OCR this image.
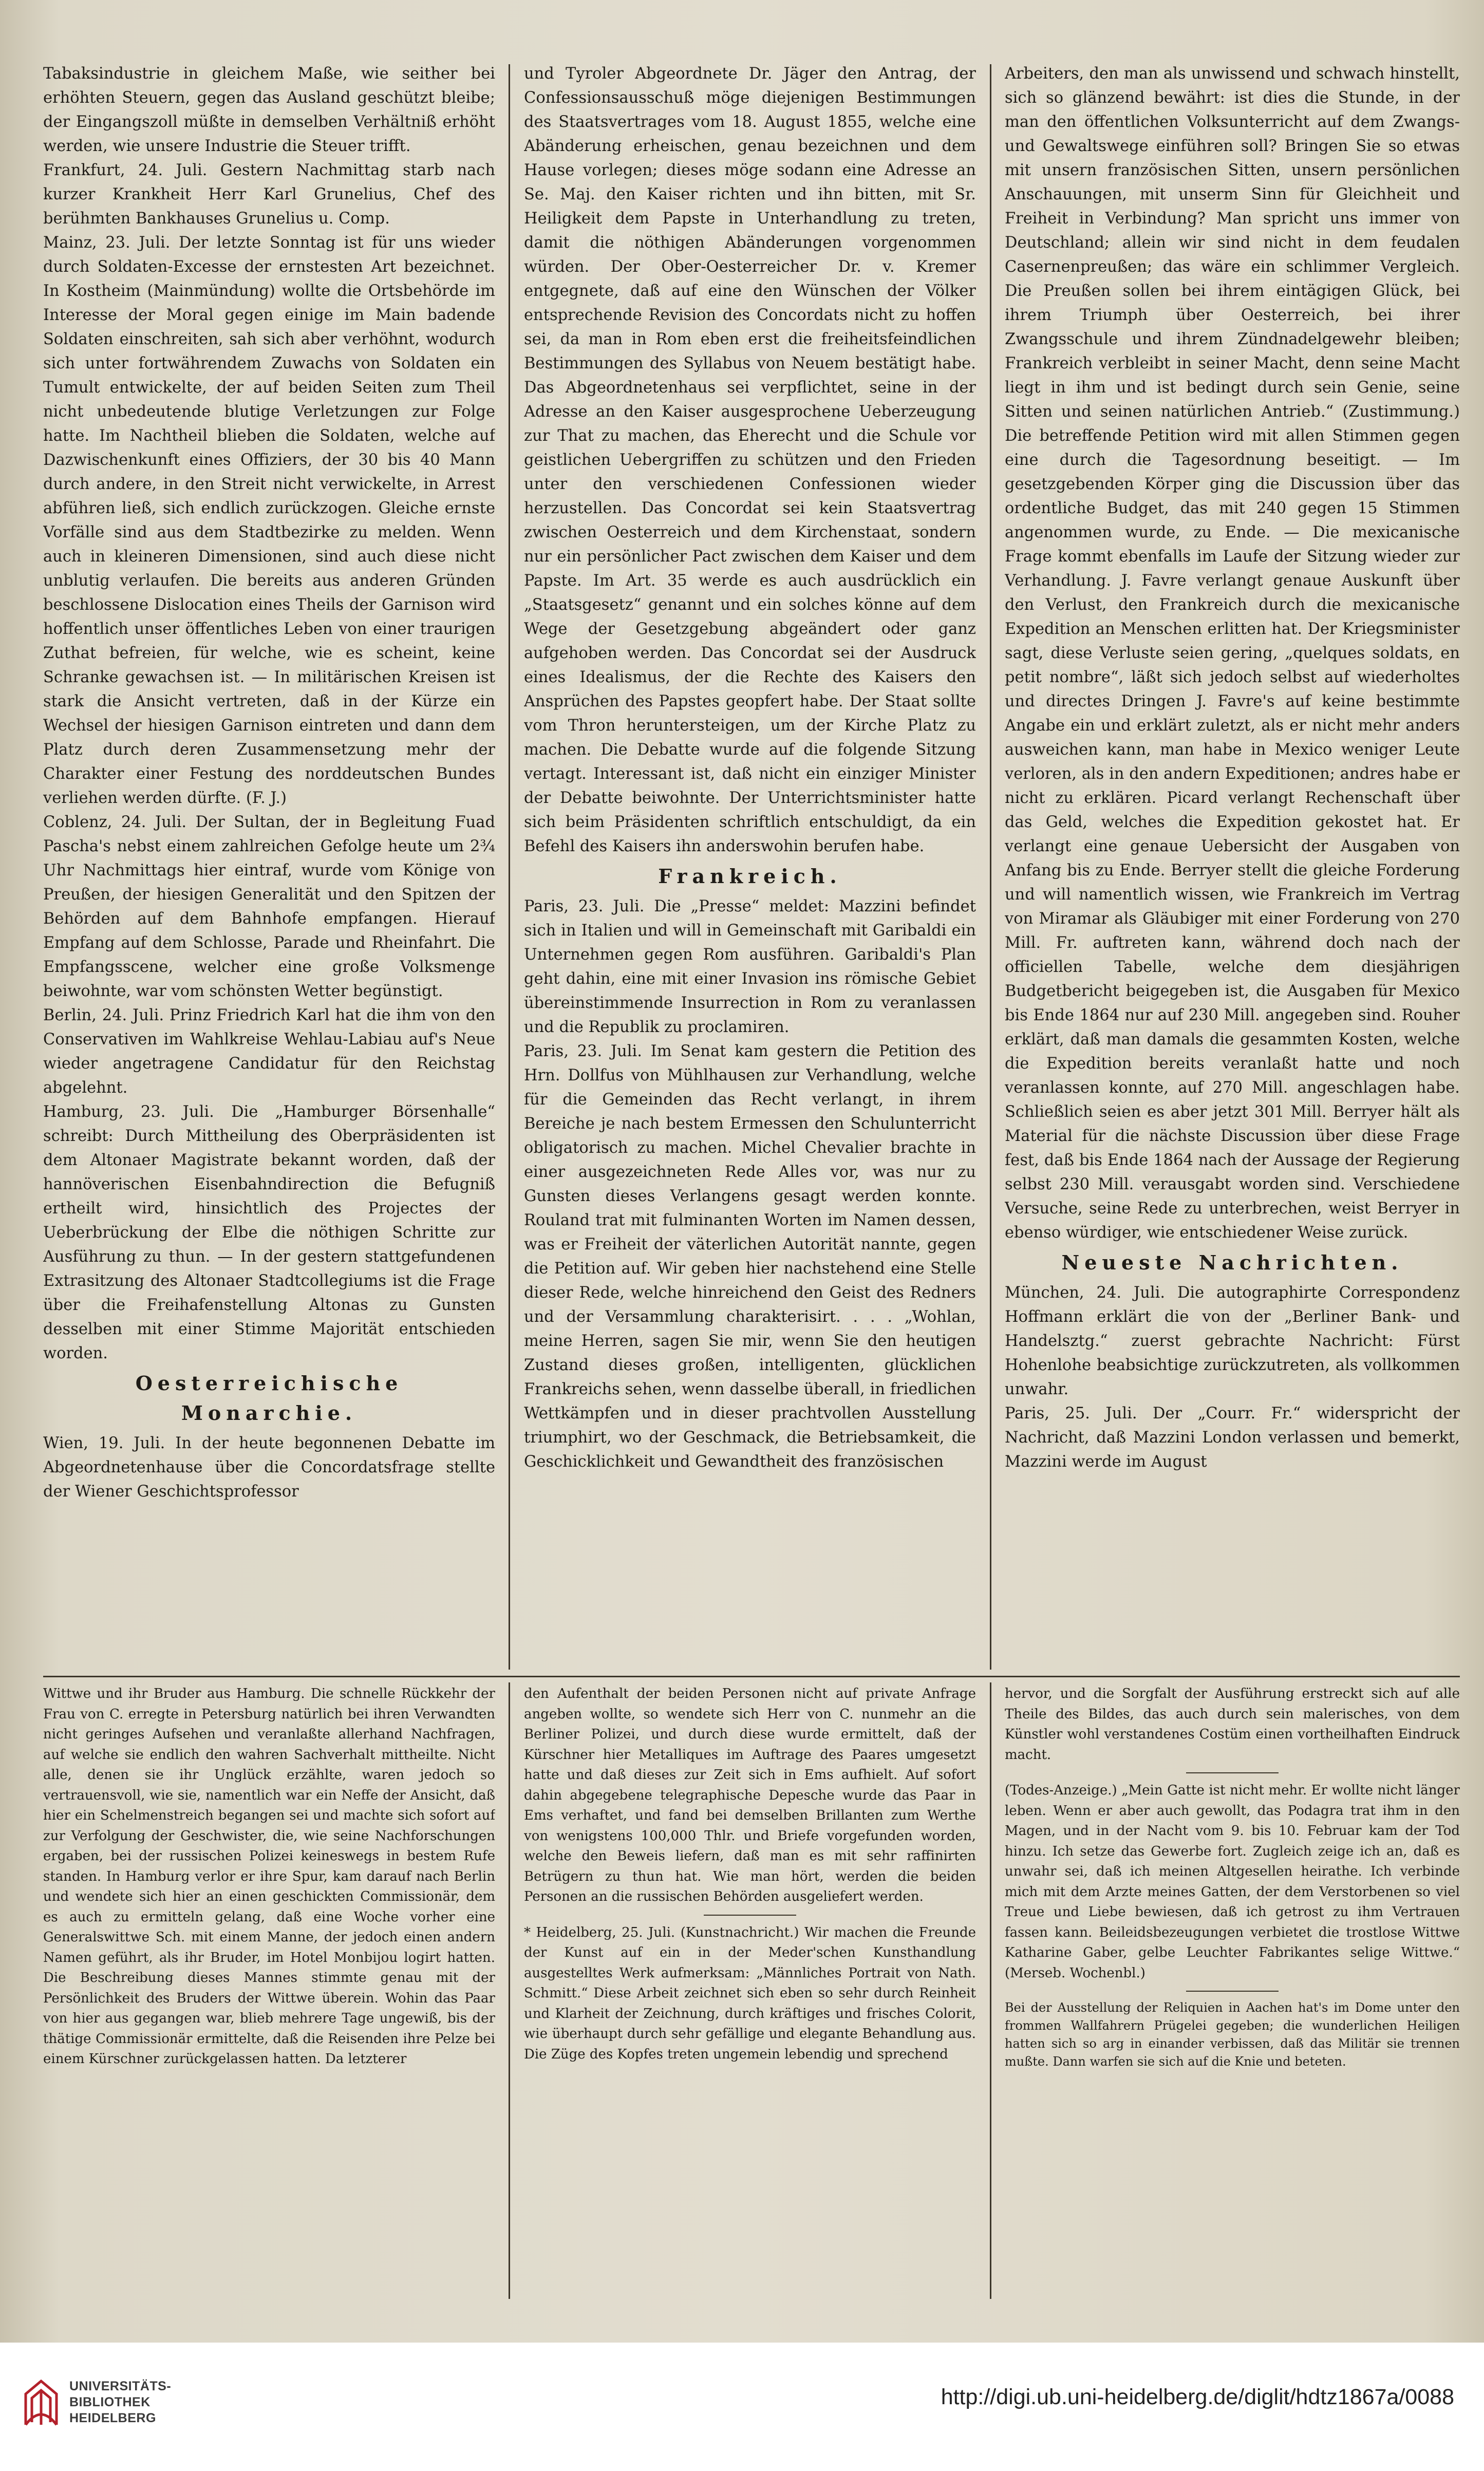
Tabaksindustrie in gleichem Maße, wie seither bei erhöhten Steuern, gegen das Ausland geschützt bleibe; der Eingangszoll müßte in demselben Verhältniß erhöht werden, wie unsere Industrie die Steuer trifft.

Frankfurt, 24. Juli. Gestern Nachmittag starb nach kurzer Krankheit Herr Karl Grunelius, Chef des berühmten Bankhauses Grunelius u. Comp.

Mainz, 23. Juli. Der letzte Sonntag ist für uns wieder durch Soldaten-Excesse der ernstesten Art bezeichnet. In Kostheim (Mainmündung) wollte die Ortsbehörde im Interesse der Moral gegen einige im Main badende Soldaten einschreiten, sah sich aber verhöhnt, wodurch sich unter fortwährendem Zuwachs von Soldaten ein Tumult entwickelte, der auf beiden Seiten zum Theil nicht unbedeutende blutige Verletzungen zur Folge hatte. Im Nachtheil blieben die Soldaten, welche auf Dazwischenkunft eines Offiziers, der 30 bis 40 Mann durch andere, in den Streit nicht verwickelte, in Arrest abführen ließ, sich endlich zurückzogen. Gleiche ernste Vorfälle sind aus dem Stadtbezirke zu melden. Wenn auch in kleineren Dimensionen, sind auch diese nicht unblutig verlaufen. Die bereits aus anderen Gründen beschlossene Dislocation eines Theils der Garnison wird hoffentlich unser öffentliches Leben von einer traurigen Zuthat befreien, für welche, wie es scheint, keine Schranke gewachsen ist. — In militärischen Kreisen ist stark die Ansicht vertreten, daß in der Kürze ein Wechsel der hiesigen Garnison eintreten und dann dem Platz durch deren Zusammensetzung mehr der Charakter einer Festung des norddeutschen Bundes verliehen werden dürfte. (F. J.)

Coblenz, 24. Juli. Der Sultan, der in Begleitung Fuad Pascha's nebst einem zahlreichen Gefolge heute um 2¾ Uhr Nachmittags hier eintraf, wurde vom Könige von Preußen, der hiesigen Generalität und den Spitzen der Behörden auf dem Bahnhofe empfangen. Hierauf Empfang auf dem Schlosse, Parade und Rheinfahrt. Die Empfangsscene, welcher eine große Volksmenge beiwohnte, war vom schönsten Wetter begünstigt.

Berlin, 24. Juli. Prinz Friedrich Karl hat die ihm von den Conservativen im Wahlkreise Wehlau-Labiau auf's Neue wieder angetragene Candidatur für den Reichstag abgelehnt.

Hamburg, 23. Juli. Die „Hamburger Börsenhalle“ schreibt: Durch Mittheilung des Oberpräsidenten ist dem Altonaer Magistrate bekannt worden, daß der hannöverischen Eisenbahndirection die Befugniß ertheilt wird, hinsichtlich des Projectes der Ueberbrückung der Elbe die nöthigen Schritte zur Ausführung zu thun. — In der gestern stattgefundenen Extrasitzung des Altonaer Stadtcollegiums ist die Frage über die Freihafenstellung Altonas zu Gunsten desselben mit einer Stimme Majorität entschieden worden.

Oesterreichische Monarchie.

Wien, 19. Juli. In der heute begonnenen Debatte im Abgeordnetenhause über die Concordatsfrage stellte der Wiener Geschichtsprofessor

und Tyroler Abgeordnete Dr. Jäger den Antrag, der Confessionsausschuß möge diejenigen Bestimmungen des Staatsvertrages vom 18. August 1855, welche eine Abänderung erheischen, genau bezeichnen und dem Hause vorlegen; dieses möge sodann eine Adresse an Se. Maj. den Kaiser richten und ihn bitten, mit Sr. Heiligkeit dem Papste in Unterhandlung zu treten, damit die nöthigen Abänderungen vorgenommen würden. Der Ober-Oesterreicher Dr. v. Kremer entgegnete, daß auf eine den Wünschen der Völker entsprechende Revision des Concordats nicht zu hoffen sei, da man in Rom eben erst die freiheitsfeindlichen Bestimmungen des Syllabus von Neuem bestätigt habe. Das Abgeordnetenhaus sei verpflichtet, seine in der Adresse an den Kaiser ausgesprochene Ueberzeugung zur That zu machen, das Eherecht und die Schule vor geistlichen Uebergriffen zu schützen und den Frieden unter den verschiedenen Confessionen wieder herzustellen. Das Concordat sei kein Staatsvertrag zwischen Oesterreich und dem Kirchenstaat, sondern nur ein persönlicher Pact zwischen dem Kaiser und dem Papste. Im Art. 35 werde es auch ausdrücklich ein „Staatsgesetz“ genannt und ein solches könne auf dem Wege der Gesetzgebung abgeändert oder ganz aufgehoben werden. Das Concordat sei der Ausdruck eines Idealismus, der die Rechte des Kaisers den Ansprüchen des Papstes geopfert habe. Der Staat sollte vom Thron heruntersteigen, um der Kirche Platz zu machen. Die Debatte wurde auf die folgende Sitzung vertagt. Interessant ist, daß nicht ein einziger Minister der Debatte beiwohnte. Der Unterrichtsminister hatte sich beim Präsidenten schriftlich entschuldigt, da ein Befehl des Kaisers ihn anderswohin berufen habe.

Frankreich.

Paris, 23. Juli. Die „Presse“ meldet: Mazzini befindet sich in Italien und will in Gemeinschaft mit Garibaldi ein Unternehmen gegen Rom ausführen. Garibaldi's Plan geht dahin, eine mit einer Invasion ins römische Gebiet übereinstimmende Insurrection in Rom zu veranlassen und die Republik zu proclamiren.

Paris, 23. Juli. Im Senat kam gestern die Petition des Hrn. Dollfus von Mühlhausen zur Verhandlung, welche für die Gemeinden das Recht verlangt, in ihrem Bereiche je nach bestem Ermessen den Schulunterricht obligatorisch zu machen. Michel Chevalier brachte in einer ausgezeichneten Rede Alles vor, was nur zu Gunsten dieses Verlangens gesagt werden konnte. Rouland trat mit fulminanten Worten im Namen dessen, was er Freiheit der väterlichen Autorität nannte, gegen die Petition auf. Wir geben hier nachstehend eine Stelle dieser Rede, welche hinreichend den Geist des Redners und der Versammlung charakterisirt. . . . „Wohlan, meine Herren, sagen Sie mir, wenn Sie den heutigen Zustand dieses großen, intelligenten, glücklichen Frankreichs sehen, wenn dasselbe überall, in friedlichen Wettkämpfen und in dieser prachtvollen Ausstellung triumphirt, wo der Geschmack, die Betriebsamkeit, die Geschicklichkeit und Gewandtheit des französischen

Arbeiters, den man als unwissend und schwach hinstellt, sich so glänzend bewährt: ist dies die Stunde, in der man den öffentlichen Volksunterricht auf dem Zwangs- und Gewaltswege einführen soll? Bringen Sie so etwas mit unsern französischen Sitten, unsern persönlichen Anschauungen, mit unserm Sinn für Gleichheit und Freiheit in Verbindung? Man spricht uns immer von Deutschland; allein wir sind nicht in dem feudalen Casernenpreußen; das wäre ein schlimmer Vergleich. Die Preußen sollen bei ihrem eintägigen Glück, bei ihrem Triumph über Oesterreich, bei ihrer Zwangsschule und ihrem Zündnadelgewehr bleiben; Frankreich verbleibt in seiner Macht, denn seine Macht liegt in ihm und ist bedingt durch sein Genie, seine Sitten und seinen natürlichen Antrieb.“ (Zustimmung.) Die betreffende Petition wird mit allen Stimmen gegen eine durch die Tagesordnung beseitigt. — Im gesetzgebenden Körper ging die Discussion über das ordentliche Budget, das mit 240 gegen 15 Stimmen angenommen wurde, zu Ende. — Die mexicanische Frage kommt ebenfalls im Laufe der Sitzung wieder zur Verhandlung. J. Favre verlangt genaue Auskunft über den Verlust, den Frankreich durch die mexicanische Expedition an Menschen erlitten hat. Der Kriegsminister sagt, diese Verluste seien gering, „quelques soldats, en petit nombre“, läßt sich jedoch selbst auf wiederholtes und directes Dringen J. Favre's auf keine bestimmte Angabe ein und erklärt zuletzt, als er nicht mehr anders ausweichen kann, man habe in Mexico weniger Leute verloren, als in den andern Expeditionen; andres habe er nicht zu erklären. Picard verlangt Rechenschaft über das Geld, welches die Expedition gekostet hat. Er verlangt eine genaue Uebersicht der Ausgaben von Anfang bis zu Ende. Berryer stellt die gleiche Forderung und will namentlich wissen, wie Frankreich im Vertrag von Miramar als Gläubiger mit einer Forderung von 270 Mill. Fr. auftreten kann, während doch nach der officiellen Tabelle, welche dem diesjährigen Budgetbericht beigegeben ist, die Ausgaben für Mexico bis Ende 1864 nur auf 230 Mill. angegeben sind. Rouher erklärt, daß man damals die gesammten Kosten, welche die Expedition bereits veranlaßt hatte und noch veranlassen konnte, auf 270 Mill. angeschlagen habe. Schließlich seien es aber jetzt 301 Mill. Berryer hält als Material für die nächste Discussion über diese Frage fest, daß bis Ende 1864 nach der Aussage der Regierung selbst 230 Mill. verausgabt worden sind. Verschiedene Versuche, seine Rede zu unterbrechen, weist Berryer in ebenso würdiger, wie entschiedener Weise zurück.

Neueste Nachrichten.

München, 24. Juli. Die autographirte Correspondenz Hoffmann erklärt die von der „Berliner Bank- und Handelsztg.“ zuerst gebrachte Nachricht: Fürst Hohenlohe beabsichtige zurückzutreten, als vollkommen unwahr.

Paris, 25. Juli. Der „Courr. Fr.“ widerspricht der Nachricht, daß Mazzini London verlassen und bemerkt, Mazzini werde im August

Wittwe und ihr Bruder aus Hamburg. Die schnelle Rückkehr der Frau von C. erregte in Petersburg natürlich bei ihren Verwandten nicht geringes Aufsehen und veranlaßte allerhand Nachfragen, auf welche sie endlich den wahren Sachverhalt mittheilte. Nicht alle, denen sie ihr Unglück erzählte, waren jedoch so vertrauensvoll, wie sie, namentlich war ein Neffe der Ansicht, daß hier ein Schelmenstreich begangen sei und machte sich sofort auf zur Verfolgung der Geschwister, die, wie seine Nachforschungen ergaben, bei der russischen Polizei keineswegs in bestem Rufe standen. In Hamburg verlor er ihre Spur, kam darauf nach Berlin und wendete sich hier an einen geschickten Commissionär, dem es auch zu ermitteln gelang, daß eine Woche vorher eine Generalswittwe Sch. mit einem Manne, der jedoch einen andern Namen geführt, als ihr Bruder, im Hotel Monbijou logirt hatten. Die Beschreibung dieses Mannes stimmte genau mit der Persönlichkeit des Bruders der Wittwe überein. Wohin das Paar von hier aus gegangen war, blieb mehrere Tage ungewiß, bis der thätige Commissionär ermittelte, daß die Reisenden ihre Pelze bei einem Kürschner zurückgelassen hatten. Da letzterer

den Aufenthalt der beiden Personen nicht auf private Anfrage angeben wollte, so wendete sich Herr von C. nunmehr an die Berliner Polizei, und durch diese wurde ermittelt, daß der Kürschner hier Metalliques im Auftrage des Paares umgesetzt hatte und daß dieses zur Zeit sich in Ems aufhielt. Auf sofort dahin abgegebene telegraphische Depesche wurde das Paar in Ems verhaftet, und fand bei demselben Brillanten zum Werthe von wenigstens 100,000 Thlr. und Briefe vorgefunden worden, welche den Beweis liefern, daß man es mit sehr raffinirten Betrügern zu thun hat. Wie man hört, werden die beiden Personen an die russischen Behörden ausgeliefert werden.

* Heidelberg, 25. Juli. (Kunstnachricht.) Wir machen die Freunde der Kunst auf ein in der Meder'schen Kunsthandlung ausgestelltes Werk aufmerksam: „Männliches Portrait von Nath. Schmitt.“ Diese Arbeit zeichnet sich eben so sehr durch Reinheit und Klarheit der Zeichnung, durch kräftiges und frisches Colorit, wie überhaupt durch sehr gefällige und elegante Behandlung aus. Die Züge des Kopfes treten ungemein lebendig und sprechend

hervor, und die Sorgfalt der Ausführung erstreckt sich auf alle Theile des Bildes, das auch durch sein malerisches, von dem Künstler wohl verstandenes Costüm einen vortheilhaften Eindruck macht.

(Todes-Anzeige.) „Mein Gatte ist nicht mehr. Er wollte nicht länger leben. Wenn er aber auch gewollt, das Podagra trat ihm in den Magen, und in der Nacht vom 9. bis 10. Februar kam der Tod hinzu. Ich setze das Gewerbe fort. Zugleich zeige ich an, daß es unwahr sei, daß ich meinen Altgesellen heirathe. Ich verbinde mich mit dem Arzte meines Gatten, der dem Verstorbenen so viel Treue und Liebe bewiesen, daß ich getrost zu ihm Vertrauen fassen kann. Beileidsbezeugungen verbietet die trostlose Wittwe Katharine Gaber, gelbe Leuchter Fabrikantes selige Wittwe.“ (Merseb. Wochenbl.)

Bei der Ausstellung der Reliquien in Aachen hat's im Dome unter den frommen Wallfahrern Prügelei gegeben; die wunderlichen Heiligen hatten sich so arg in einander verbissen, daß das Militär sie trennen mußte. Dann warfen sie sich auf die Knie und beteten.

UNIVERSITÄTS-
BIBLIOTHEK
HEIDELBERG
http://digi.ub.uni-heidelberg.de/diglit/hdtz1867a/0088
